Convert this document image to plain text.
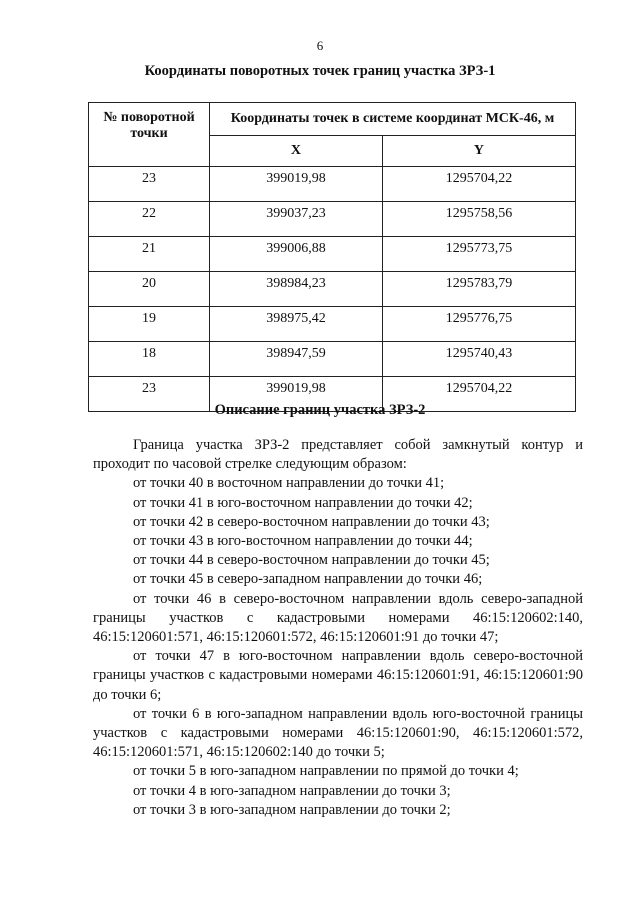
6
Координаты поворотных точек границ участка ЗРЗ-1
№ поворотной точки	Координаты точек в системе координат МСК-46, м	
	X	Y
23	399019,98	1295704,22
22	399037,23	1295758,56
21	399006,88	1295773,75
20	398984,23	1295783,79
19	398975,42	1295776,75
18	398947,59	1295740,43
23	399019,98	1295704,22
Описание границ участка ЗРЗ-2

Граница участка ЗРЗ-2 представляет собой замкнутый контур и проходит по часовой стрелке следующим образом:

от точки 40 в восточном направлении до точки 41;

от точки 41 в юго-восточном направлении до точки 42;

от точки 42 в северо-восточном направлении до точки 43;

от точки 43 в юго-восточном направлении до точки 44;

от точки 44 в северо-восточном направлении до точки 45;

от точки 45 в северо-западном направлении до точки 46;

от точки 46 в северо-восточном направлении вдоль северо-западной границы участков с кадастровыми номерами 46:15:120602:140, 46:15:120601:571, 46:15:120601:572, 46:15:120601:91 до точки 47;

от точки 47 в юго-восточном направлении вдоль северо-восточной границы участков с кадастровыми номерами 46:15:120601:91, 46:15:120601:90 до точки 6;

от точки 6 в юго-западном направлении вдоль юго-восточной границы участков с кадастровыми номерами 46:15:120601:90, 46:15:120601:572, 46:15:120601:571, 46:15:120602:140 до точки 5;

от точки 5 в юго-западном направлении по прямой до точки 4;

от точки 4 в юго-западном направлении до точки 3;

от точки 3 в юго-западном направлении до точки 2;
